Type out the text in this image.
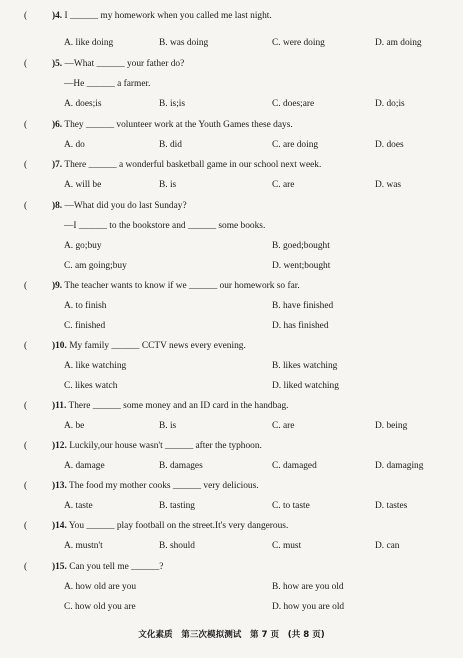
(	)4. I ______ my homework when you called me last night.
A. like doing	B. was doing	C. were doing	D. am doing
(	)5. —What ______ your father do?
—He ______ a farmer.
A. does;is	B. is;is	C. does;are	D. do;is
(	)6. They ______ volunteer work at the Youth Games these days.
A. do	B. did	C. are doing	D. does
(	)7. There ______ a wonderful basketball game in our school next week.
A. will be	B. is	C. are	D. was
(	)8. —What did you do last Sunday?
—I ______ to the bookstore and ______ some books.
A. go;buy	B. goed;bought
C. am going;buy	D. went;bought
(	)9. The teacher wants to know if we ______ our homework so far.
A. to finish	B. have finished
C. finished	D. has finished
(	)10. My family ______ CCTV news every evening.
A. like watching	B. likes watching
C. likes watch	D. liked watching
(	)11. There ______ some money and an ID card in the handbag.
A. be	B. is	C. are	D. being
(	)12. Luckily,our house wasn't ______ after the typhoon.
A. damage	B. damages	C. damaged	D. damaging
(	)13. The food my mother cooks ______ very delicious.
A. taste	B. tasting	C. to taste	D. tastes
(	)14. You ______ play football on the street.It's very dangerous.
A. mustn't	B. should	C. must	D. can
(	)15. Can you tell me ______?
A. how old are you	B. how are you old
C. how old you are	D. how you are old
文化素质　第三次模拟测试　第 7 页　(共 8 页)
